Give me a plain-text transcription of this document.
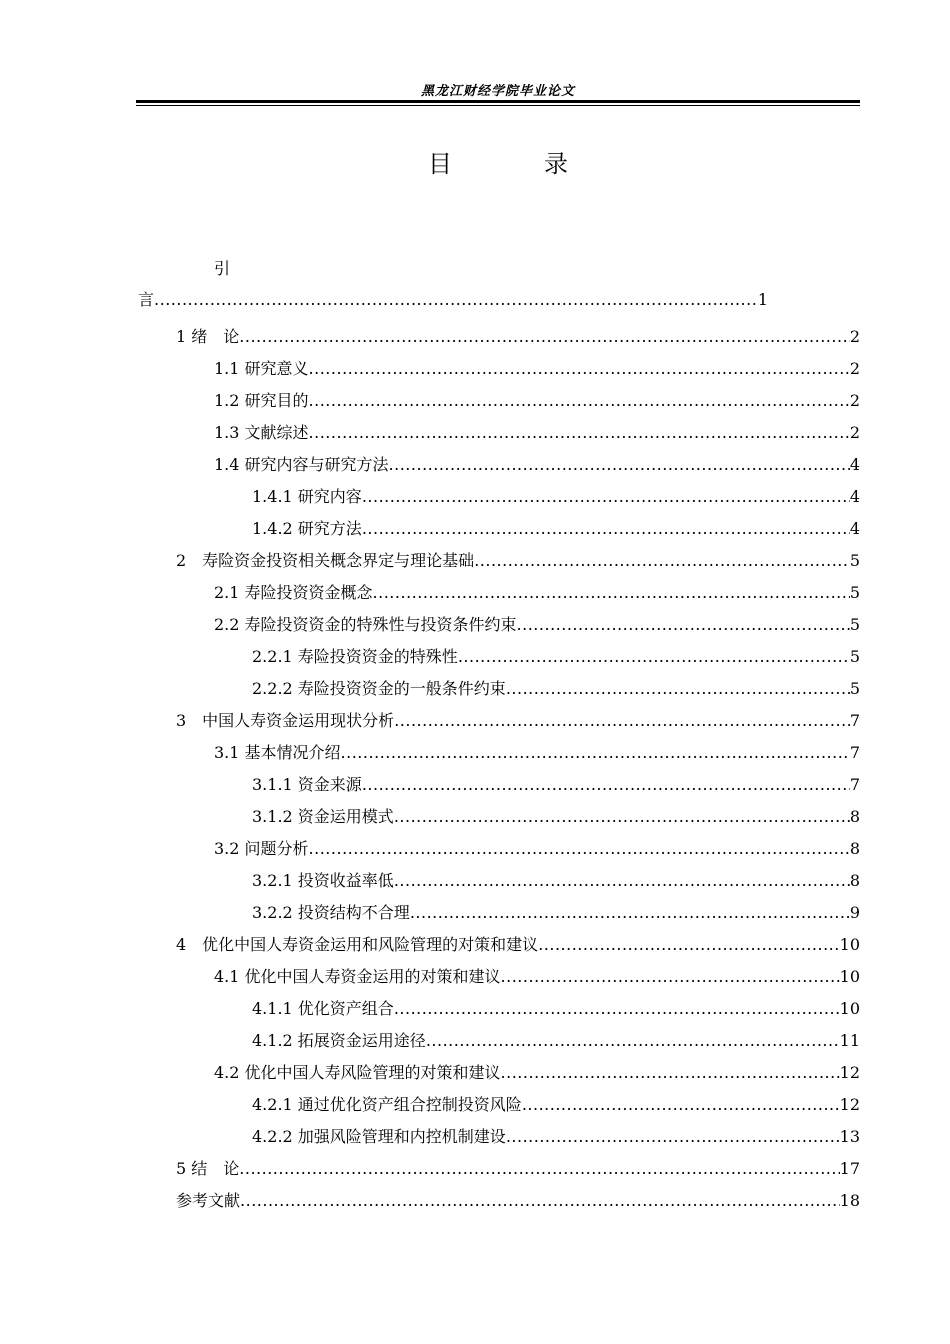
黑龙江财经学院毕业论文
目　录
引
言 .....	1
1 绪　论 .....	2
1.1 研究意义 .....	2
1.2 研究目的 .....	2
1.3 文献综述 .....	2
1.4 研究内容与研究方法 .....	4
1.4.1 研究内容 .....	4
1.4.2 研究方法 .....	4
2　寿险资金投资相关概念界定与理论基础 .....	5
2.1 寿险投资资金概念 .....	5
2.2 寿险投资资金的特殊性与投资条件约束 .....	5
2.2.1 寿险投资资金的特殊性 .....	5
2.2.2 寿险投资资金的一般条件约束 .....	5
3　中国人寿资金运用现状分析 .....	7
3.1 基本情况介绍 .....	7
3.1.1 资金来源 .....	7
3.1.2 资金运用模式 .....	8
3.2 问题分析 .....	8
3.2.1 投资收益率低 .....	8
3.2.2 投资结构不合理 .....	9
4　优化中国人寿资金运用和风险管理的对策和建议 .....	10
4.1 优化中国人寿资金运用的对策和建议 .....	10
4.1.1 优化资产组合 .....	10
4.1.2 拓展资金运用途径 .....	11
4.2 优化中国人寿风险管理的对策和建议 .....	12
4.2.1 通过优化资产组合控制投资风险 .....	12
4.2.2 加强风险管理和内控机制建设 .....	13
5 结　论 .....	17
参考文献 .....	18
